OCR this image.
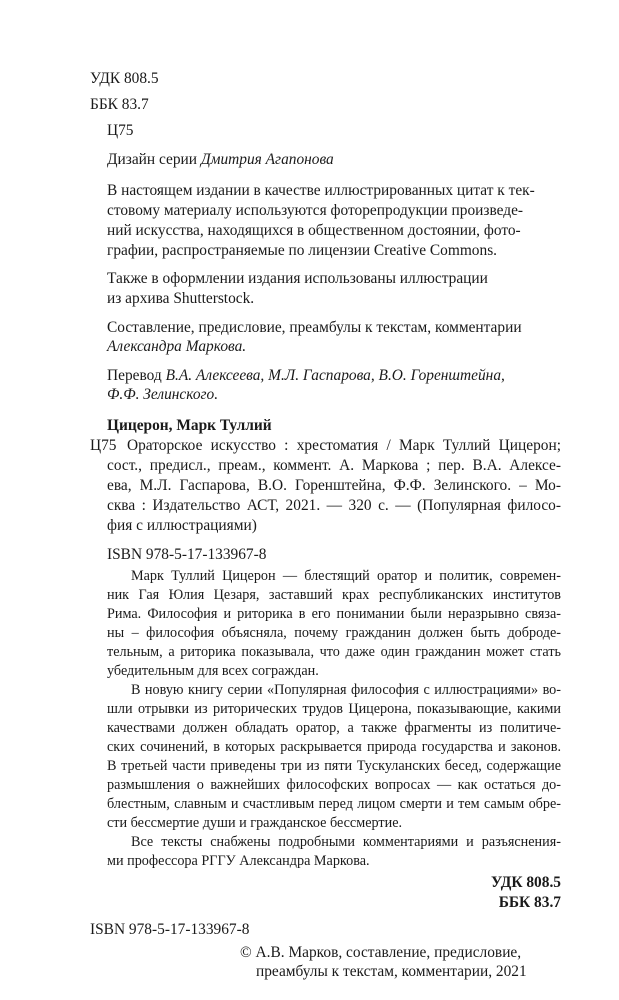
УДК 808.5
ББК 83.7
Ц75
Дизайн серии Дмитрия Агапонова
В настоящем издании в качестве иллюстрированных цитат к тек-
стовому материалу используются фоторепродукции произведе-
ний искусства, находящихся в общественном достоянии, фото-
графии, распространяемые по лицензии Creative Commons.
Также в оформлении издания использованы иллюстрации
из архива Shutterstock.
Составление, предисловие, преамбулы к текстам, комментарии
Александра Маркова.
Перевод В.А. Алексеева, М.Л. Гаспарова, В.О. Горенштейна,
Ф.Ф. Зелинского.
Цицерон, Марк Туллий
Ц75 Ораторское искусство : хрестоматия / Марк Туллий Цицерон;
сост., предисл., преам., коммент. А. Маркова ; пер. В.А. Алексе-
ева, М.Л. Гаспарова, В.О. Горенштейна, Ф.Ф. Зелинского. – Мо-
сква : Издательство АСТ, 2021. — 320 с. — (Популярная филосо-
фия с иллюстрациями)
ISBN 978-5-17-133967-8
Марк Туллий Цицерон — блестящий оратор и политик, современ-
ник Гая Юлия Цезаря, заставший крах республиканских институтов
Рима. Философия и риторика в его понимании были неразрывно связа-
ны – философия объясняла, почему гражданин должен быть доброде-
тельным, а риторика показывала, что даже один гражданин может стать
убедительным для всех сограждан.
В новую книгу серии «Популярная философия с иллюстрациями» во-
шли отрывки из риторических трудов Цицерона, показывающие, какими
качествами должен обладать оратор, а также фрагменты из политиче-
ских сочинений, в которых раскрывается природа государства и законов.
В третьей части приведены три из пяти Тускуланских бесед, содержащие
размышления о важнейших философских вопросах — как остаться до-
блестным, славным и счастливым перед лицом смерти и тем самым обре-
сти бессмертие души и гражданское бессмертие.
Все тексты снабжены подробными комментариями и разъяснения-
ми профессора РГГУ Александра Маркова.
УДК 808.5
ББК 83.7
ISBN 978-5-17-133967-8
© А.В. Марков, составление, предисловие,
преамбулы к текстам, комментарии, 2021
